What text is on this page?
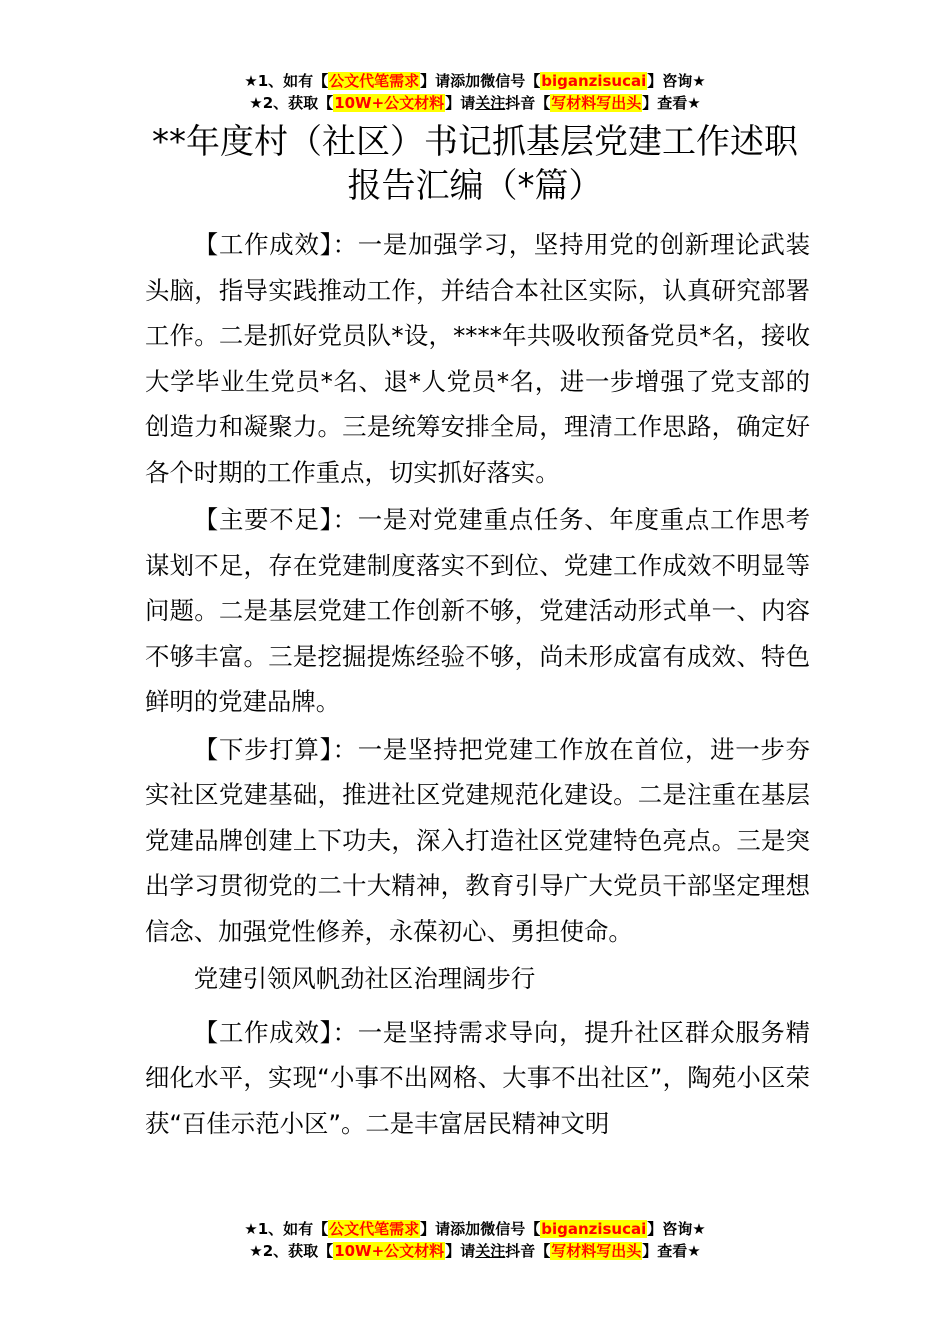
★1、如有【公文代笔需求】请添加微信号【biganzisucai】咨询★
★2、获取【10W+公文材料】请关注抖音【写材料写出头】查看★
**年度村（社区）书记抓基层党建工作述职
报告汇编（*篇）

【工作成效】：一是加强学习，坚持用党的创新理论武装头脑，指导实践推动工作，并结合本社区实际，认真研究部署工作。二是抓好党员队*设，****年共吸收预备党员*名，接收大学毕业生党员*名、退*人党员*名，进一步增强了党支部的创造力和凝聚力。三是统筹安排全局，理清工作思路，确定好各个时期的工作重点，切实抓好落实。

【主要不足】：一是对党建重点任务、年度重点工作思考谋划不足，存在党建制度落实不到位、党建工作成效不明显等问题。二是基层党建工作创新不够，党建活动形式单一、内容不够丰富。三是挖掘提炼经验不够，尚未形成富有成效、特色鲜明的党建品牌。

【下步打算】：一是坚持把党建工作放在首位，进一步夯实社区党建基础，推进社区党建规范化建设。二是注重在基层党建品牌创建上下功夫，深入打造社区党建特色亮点。三是突出学习贯彻党的二十大精神，教育引导广大党员干部坚定理想信念、加强党性修养，永葆初心、勇担使命。

党建引领风帆劲社区治理阔步行

【工作成效】：一是坚持需求导向，提升社区群众服务精细化水平，实现“小事不出网格、大事不出社区”，陶苑小区荣获“百佳示范小区”。二是丰富居民精神文明

★1、如有【公文代笔需求】请添加微信号【biganzisucai】咨询★
★2、获取【10W+公文材料】请关注抖音【写材料写出头】查看★
